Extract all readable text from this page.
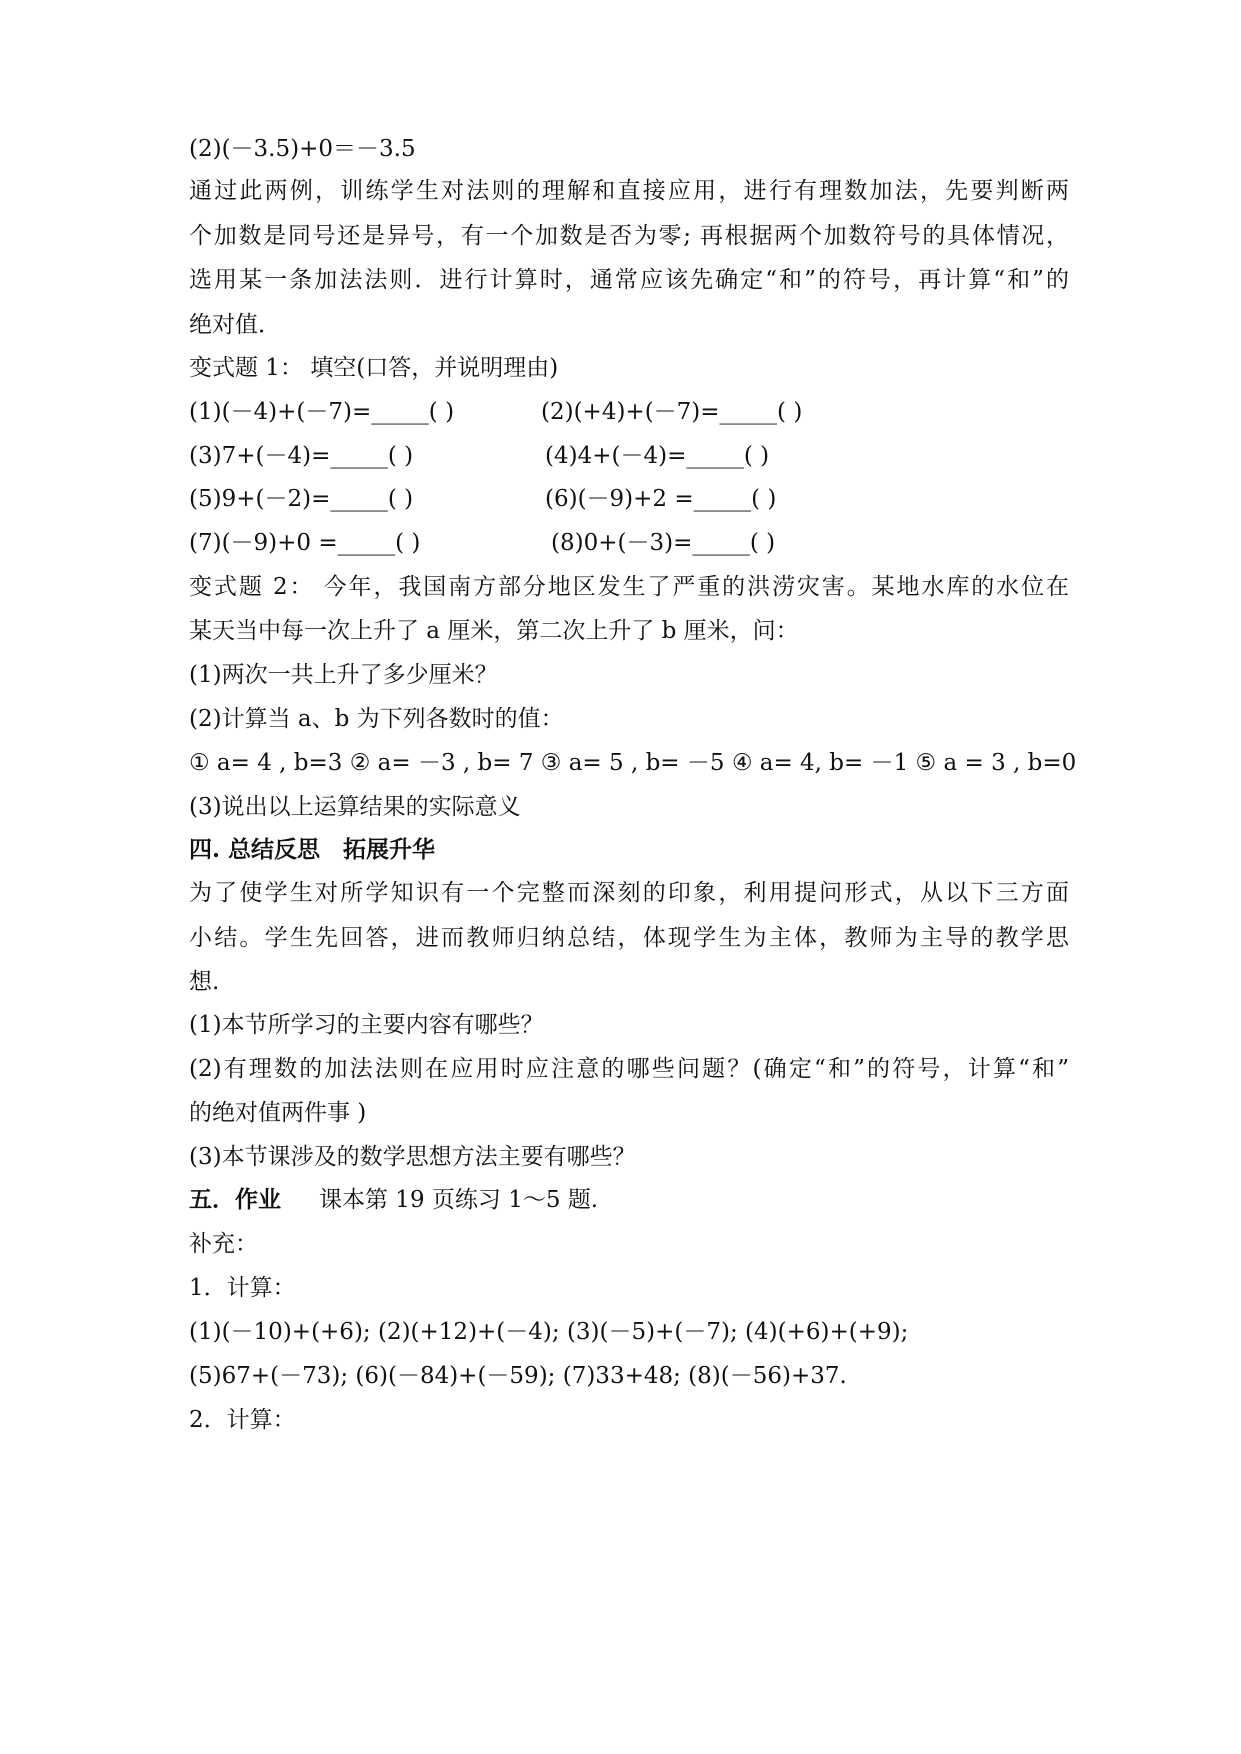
(2)(－3.5)+0＝－3.5
通过此两例，训练学生对法则的理解和直接应用，进行有理数加法，先要判断两
个加数是同号还是异号，有一个加数是否为零; 再根据两个加数符号的具体情况，
选用某一条加法法则．进行计算时，通常应该先确定“和”的符号，再计算“和”的
绝对值．
变式题 1： 填空(口答，并说明理由)
(1)(－4)+(－7)=_____( )	(2)(+4)+(－7)=_____( )
(3)7+(－4)=_____( )	(4)4+(－4)=_____( )
(5)9+(－2)=_____( )	(6)(－9)+2 =_____( )
(7)(－9)+0 =_____( )	(8)0+(－3)=_____( )
变式题 2： 今年，我国南方部分地区发生了严重的洪涝灾害。某地水库的水位在
某天当中每一次上升了 a 厘米，第二次上升了 b 厘米，问：
(1)两次一共上升了多少厘米？
(2)计算当 a、b 为下列各数时的值：
① a= 4 , b=3 ② a= －3 , b= 7 ③ a= 5 , b= －5 ④ a= 4, b= －1 ⑤ a = 3 , b=0
(3)说出以上运算结果的实际意义
四. 总结反思　拓展升华
为了使学生对所学知识有一个完整而深刻的印象，利用提问形式，从以下三方面
小结。学生先回答，进而教师归纳总结，体现学生为主体，教师为主导的教学思
想.
(1)本节所学习的主要内容有哪些？
(2)有理数的加法法则在应用时应注意的哪些问题？(确定“和”的符号，计算“和”
的绝对值两件事 )
(3)本节课涉及的数学思想方法主要有哪些？
五．作业 课本第 19 页练习 1～5 题.
补充：
1．计算：
(1)(－10)+(+6); (2)(+12)+(－4); (3)(－5)+(－7); (4)(+6)+(+9);
(5)67+(－73); (6)(－84)+(－59); (7)33+48; (8)(－56)+37.
2．计算：
